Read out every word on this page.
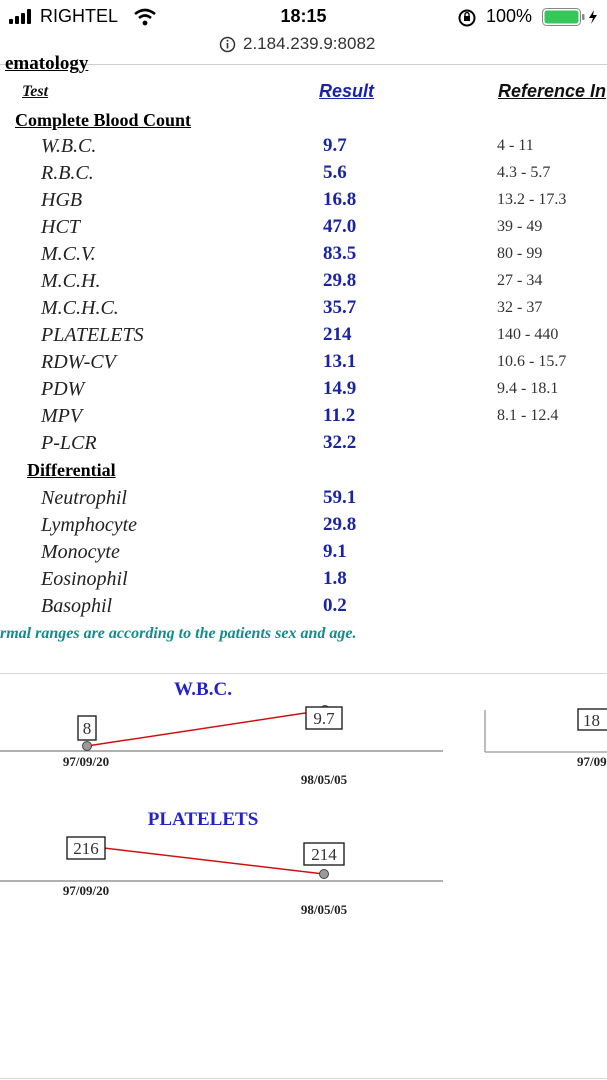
RIGHTEL	18:15	100%
2.184.239.9:8082
ematology
Test	Result	Reference In
Complete Blood Count
W.B.C.	9.7	4 - 11
R.B.C.	5.6	4.3 - 5.7
HGB	16.8	13.2 - 17.3
HCT	47.0	39 - 49
M.C.V.	83.5	80 - 99
M.C.H.	29.8	27 - 34
M.C.H.C.	35.7	32 - 37
PLATELETS	214	140 - 440
RDW-CV	13.1	10.6 - 15.7
PDW	14.9	9.4 - 18.1
MPV	11.2	8.1 - 12.4
P-LCR	32.2
Differential
Neutrophil	59.1
Lymphocyte	29.8
Monocyte	9.1
Eosinophil	1.8
Basophil	0.2
rmal ranges are according to the patients sex and age.
W.B.C.
8
9.7
97/09/20
98/05/05
18
97/09
PLATELETS
216	214
97/09/20
98/05/05
